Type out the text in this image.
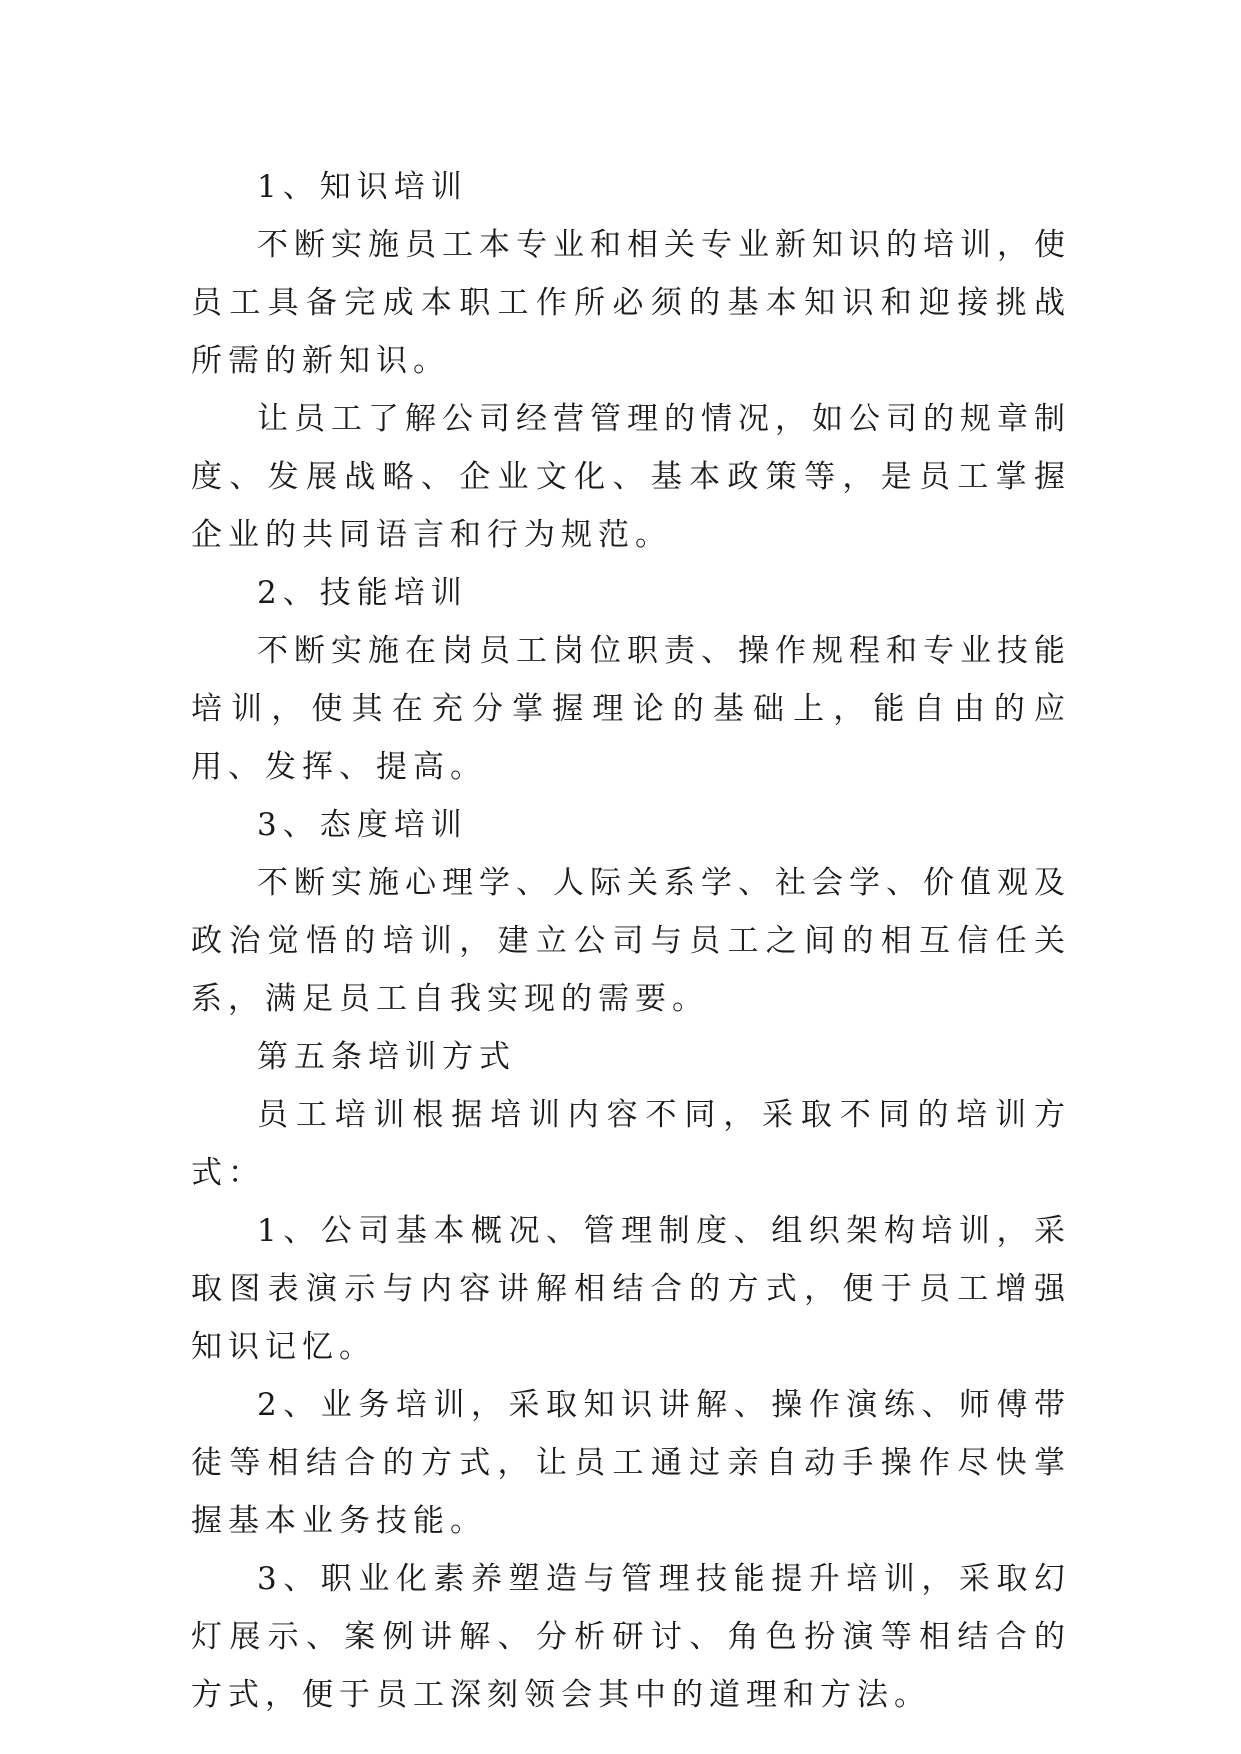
1、知识培训

不断实施员工本专业和相关专业新知识的培训，使员工具备完成本职工作所必须的基本知识和迎接挑战所需的新知识。

让员工了解公司经营管理的情况，如公司的规章制度、发展战略、企业文化、基本政策等，是员工掌握企业的共同语言和行为规范。

2、技能培训

不断实施在岗员工岗位职责、操作规程和专业技能培训，使其在充分掌握理论的基础上，能自由的应用、发挥、提高。

3、态度培训

不断实施心理学、人际关系学、社会学、价值观及政治觉悟的培训，建立公司与员工之间的相互信任关系，满足员工自我实现的需要。

第五条培训方式

员工培训根据培训内容不同，采取不同的培训方式：

1、公司基本概况、管理制度、组织架构培训，采取图表演示与内容讲解相结合的方式，便于员工增强知识记忆。

2、业务培训，采取知识讲解、操作演练、师傅带徒等相结合的方式，让员工通过亲自动手操作尽快掌握基本业务技能。

3、职业化素养塑造与管理技能提升培训，采取幻灯展示、案例讲解、分析研讨、角色扮演等相结合的方式，便于员工深刻领会其中的道理和方法。
